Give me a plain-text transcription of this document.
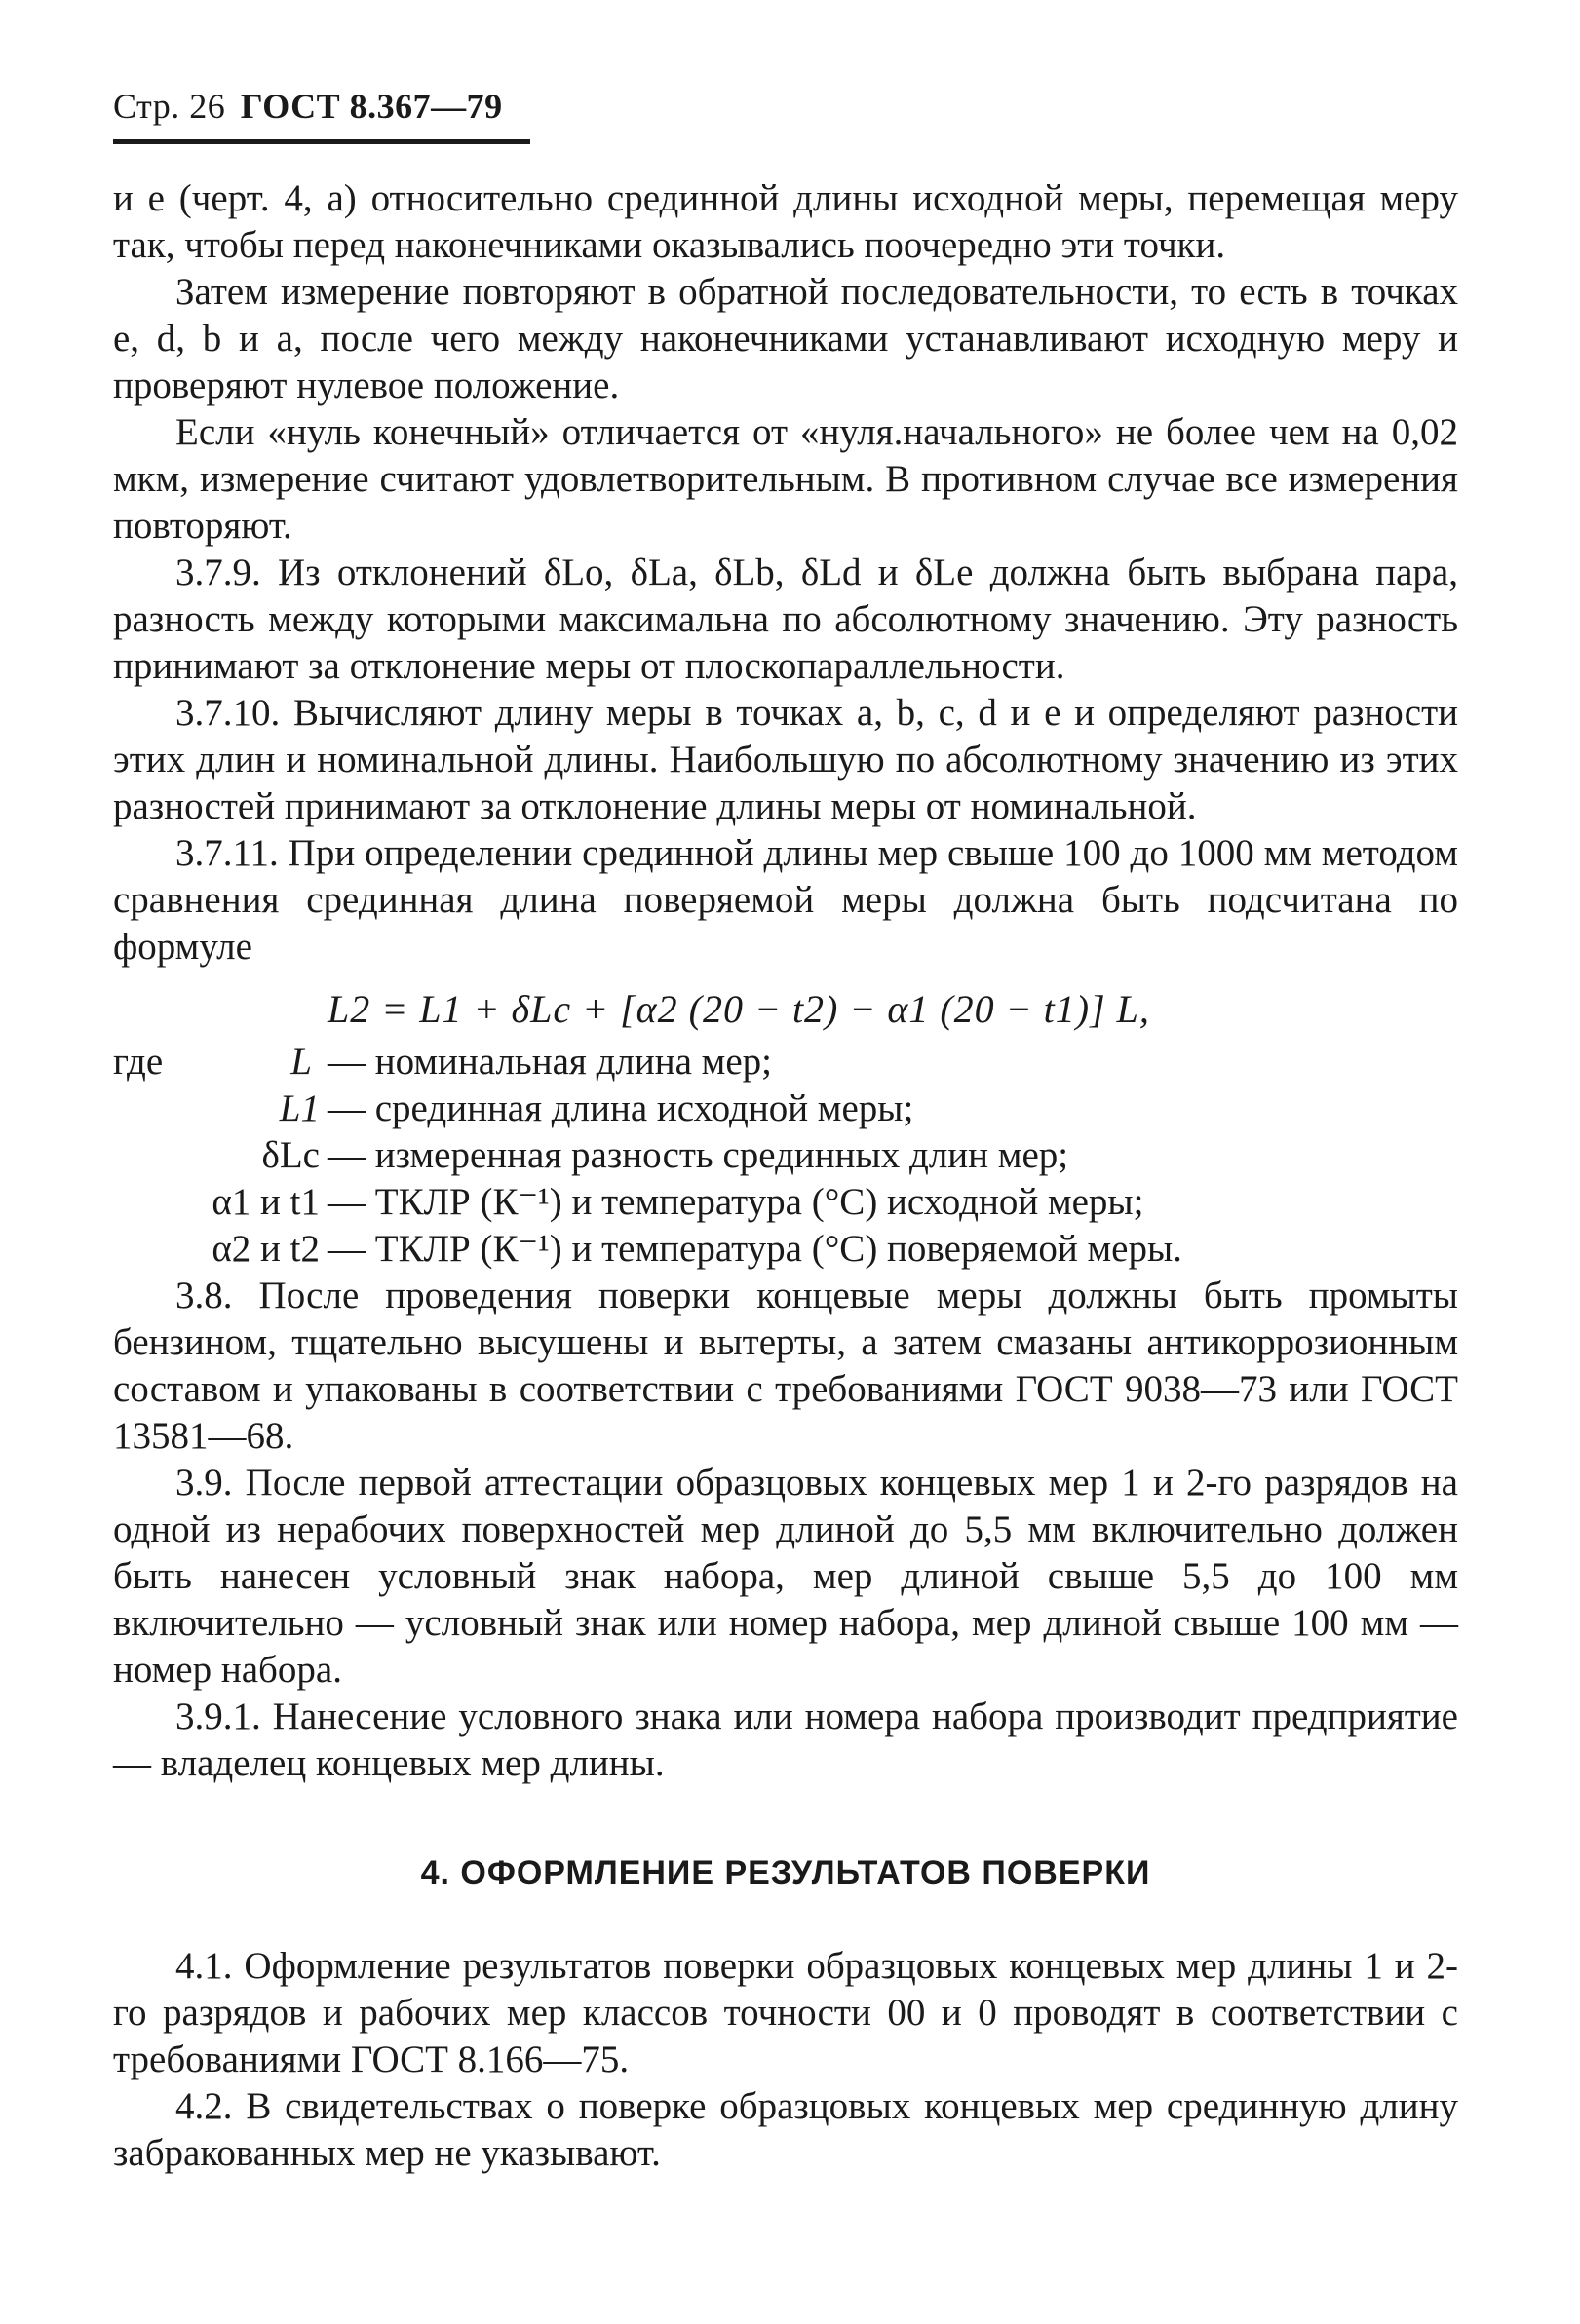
Стр. 26 ГОСТ 8.367—79

и e (черт. 4, a) относительно срединной длины исходной меры, перемещая меру так, чтобы перед наконечниками оказывались поочередно эти точки.

Затем измерение повторяют в обратной последовательности, то есть в точках e, d, b и a, после чего между наконечниками устанавливают исходную меру и проверяют нулевое положение.

Если «нуль конечный» отличается от «нуля.начального» не более чем на 0,02 мкм, измерение считают удовлетворительным. В противном случае все измерения повторяют.

3.7.9. Из отклонений δLo, δLa, δLb, δLd и δLe должна быть выбрана пара, разность между которыми максимальна по абсолютному значению. Эту разность принимают за отклонение меры от плоскопараллельности.

3.7.10. Вычисляют длину меры в точках a, b, c, d и e и определяют разности этих длин и номинальной длины. Наибольшую по абсолютному значению из этих разностей принимают за отклонение длины меры от номинальной.

3.7.11. При определении срединной длины мер свыше 100 до 1000 мм методом сравнения срединная длина поверяемой меры должна быть подсчитана по формуле

L2 = L1 + δLc + [α2 (20 − t2) − α1 (20 − t1)] L,
где	L — номинальная длина мер;
L1 — срединная длина исходной меры;
δLc — измеренная разность срединных длин мер;
α1 и t1 — ТКЛР (К⁻¹) и температура (°C) исходной меры;
α2 и t2 — ТКЛР (К⁻¹) и температура (°C) поверяемой меры.

3.8. После проведения поверки концевые меры должны быть промыты бензином, тщательно высушены и вытерты, а затем смазаны антикоррозионным составом и упакованы в соответствии с требованиями ГОСТ 9038—73 или ГОСТ 13581—68.

3.9. После первой аттестации образцовых концевых мер 1 и 2-го разрядов на одной из нерабочих поверхностей мер длиной до 5,5 мм включительно должен быть нанесен условный знак набора, мер длиной свыше 5,5 до 100 мм включительно — условный знак или номер набора, мер длиной свыше 100 мм — номер набора.

3.9.1. Нанесение условного знака или номера набора производит предприятие — владелец концевых мер длины.

4. ОФОРМЛЕНИЕ РЕЗУЛЬТАТОВ ПОВЕРКИ

4.1. Оформление результатов поверки образцовых концевых мер длины 1 и 2-го разрядов и рабочих мер классов точности 00 и 0 проводят в соответствии с требованиями ГОСТ 8.166—75.

4.2. В свидетельствах о поверке образцовых концевых мер срединную длину забракованных мер не указывают.
